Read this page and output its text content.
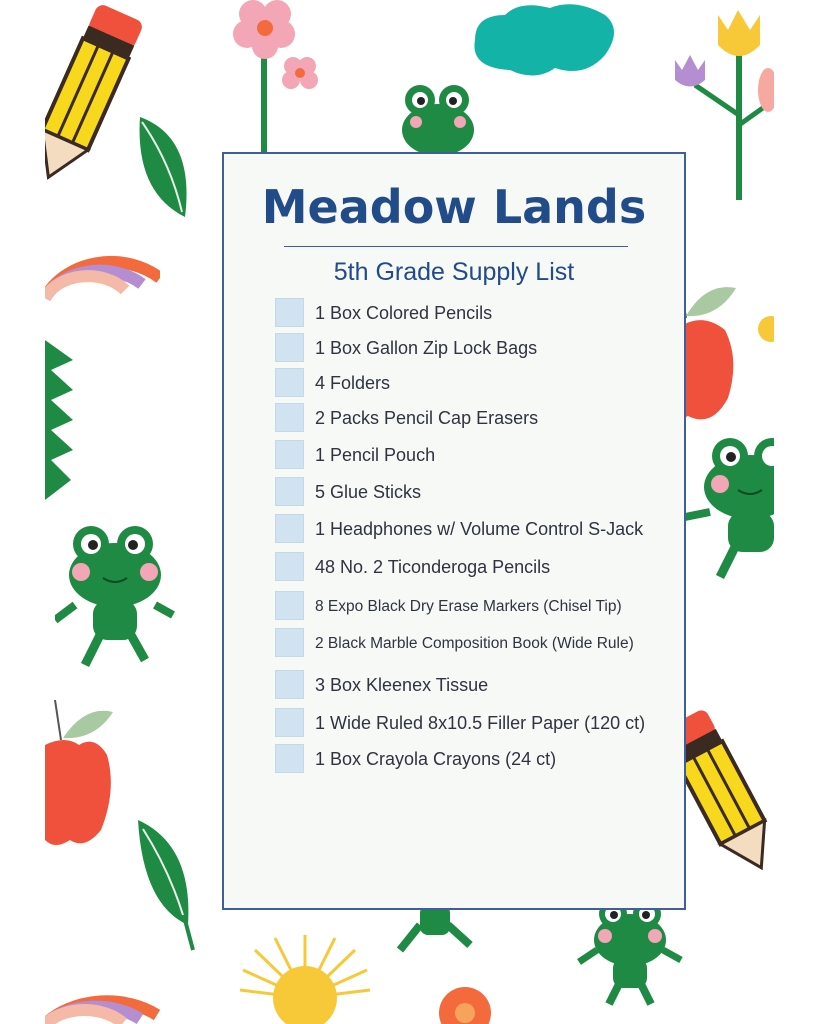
Meadow Lands
5th Grade Supply List
1 Box Colored Pencils
1 Box Gallon Zip Lock Bags
4 Folders
2 Packs Pencil Cap Erasers
1 Pencil Pouch
5 Glue Sticks
1 Headphones w/ Volume Control S-Jack
48 No. 2 Ticonderoga Pencils
8 Expo Black Dry Erase Markers (Chisel Tip)
2 Black Marble Composition Book (Wide Rule)
3 Box Kleenex Tissue
1 Wide Ruled 8x10.5 Filler Paper (120 ct)
1 Box Crayola Crayons (24 ct)
